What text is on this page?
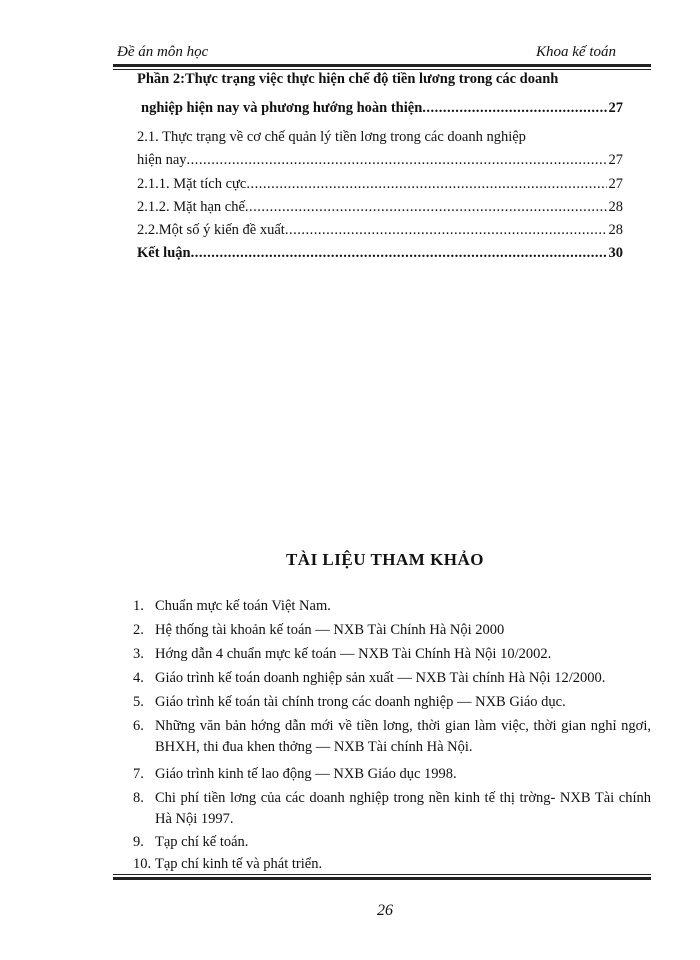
Đề án môn học	Khoa kế toán
Phần 2:Thực trạng việc thực hiện chế độ tiền lương trong các doanh
nghiệp hiện nay và phương hướng hoàn thiện .....	27
2.1. Thực trạng về cơ chế quản lý tiền lơng trong các doanh nghiệp
hiện nay .....	27
2.1.1. Mặt tích cực .....	27
2.1.2. Mặt hạn chế .....	28
2.2.Một số ý kiến đề xuất .....	28
Kết luận .....	30
TÀI LIỆU THAM KHẢO
1. Chuẩn mực kế toán Việt Nam.
2. Hệ thống tài khoản kế toán — NXB Tài Chính Hà Nội 2000
3. Hớng dẫn 4 chuẩn mực kế toán — NXB Tài Chính Hà Nội 10/2002.
4. Giáo trình kế toán doanh nghiệp sản xuất — NXB Tài chính Hà Nội 12/2000.
5. Giáo trình kế toán tài chính trong các doanh nghiệp — NXB Giáo dục.
6. Những văn bản hớng dẫn mới về tiền lơng, thời gian làm việc, thời gian nghỉ ngơi, BHXH, thi đua khen thởng — NXB Tài chính Hà Nội.
7. Giáo trình kinh tế lao động — NXB Giáo dục 1998.
8. Chi phí tiền lơng của các doanh nghiệp trong nền kinh tế thị trờng- NXB Tài chính Hà Nội 1997.
9. Tạp chí kế toán.
10. Tạp chí kinh tế và phát triển.
26
